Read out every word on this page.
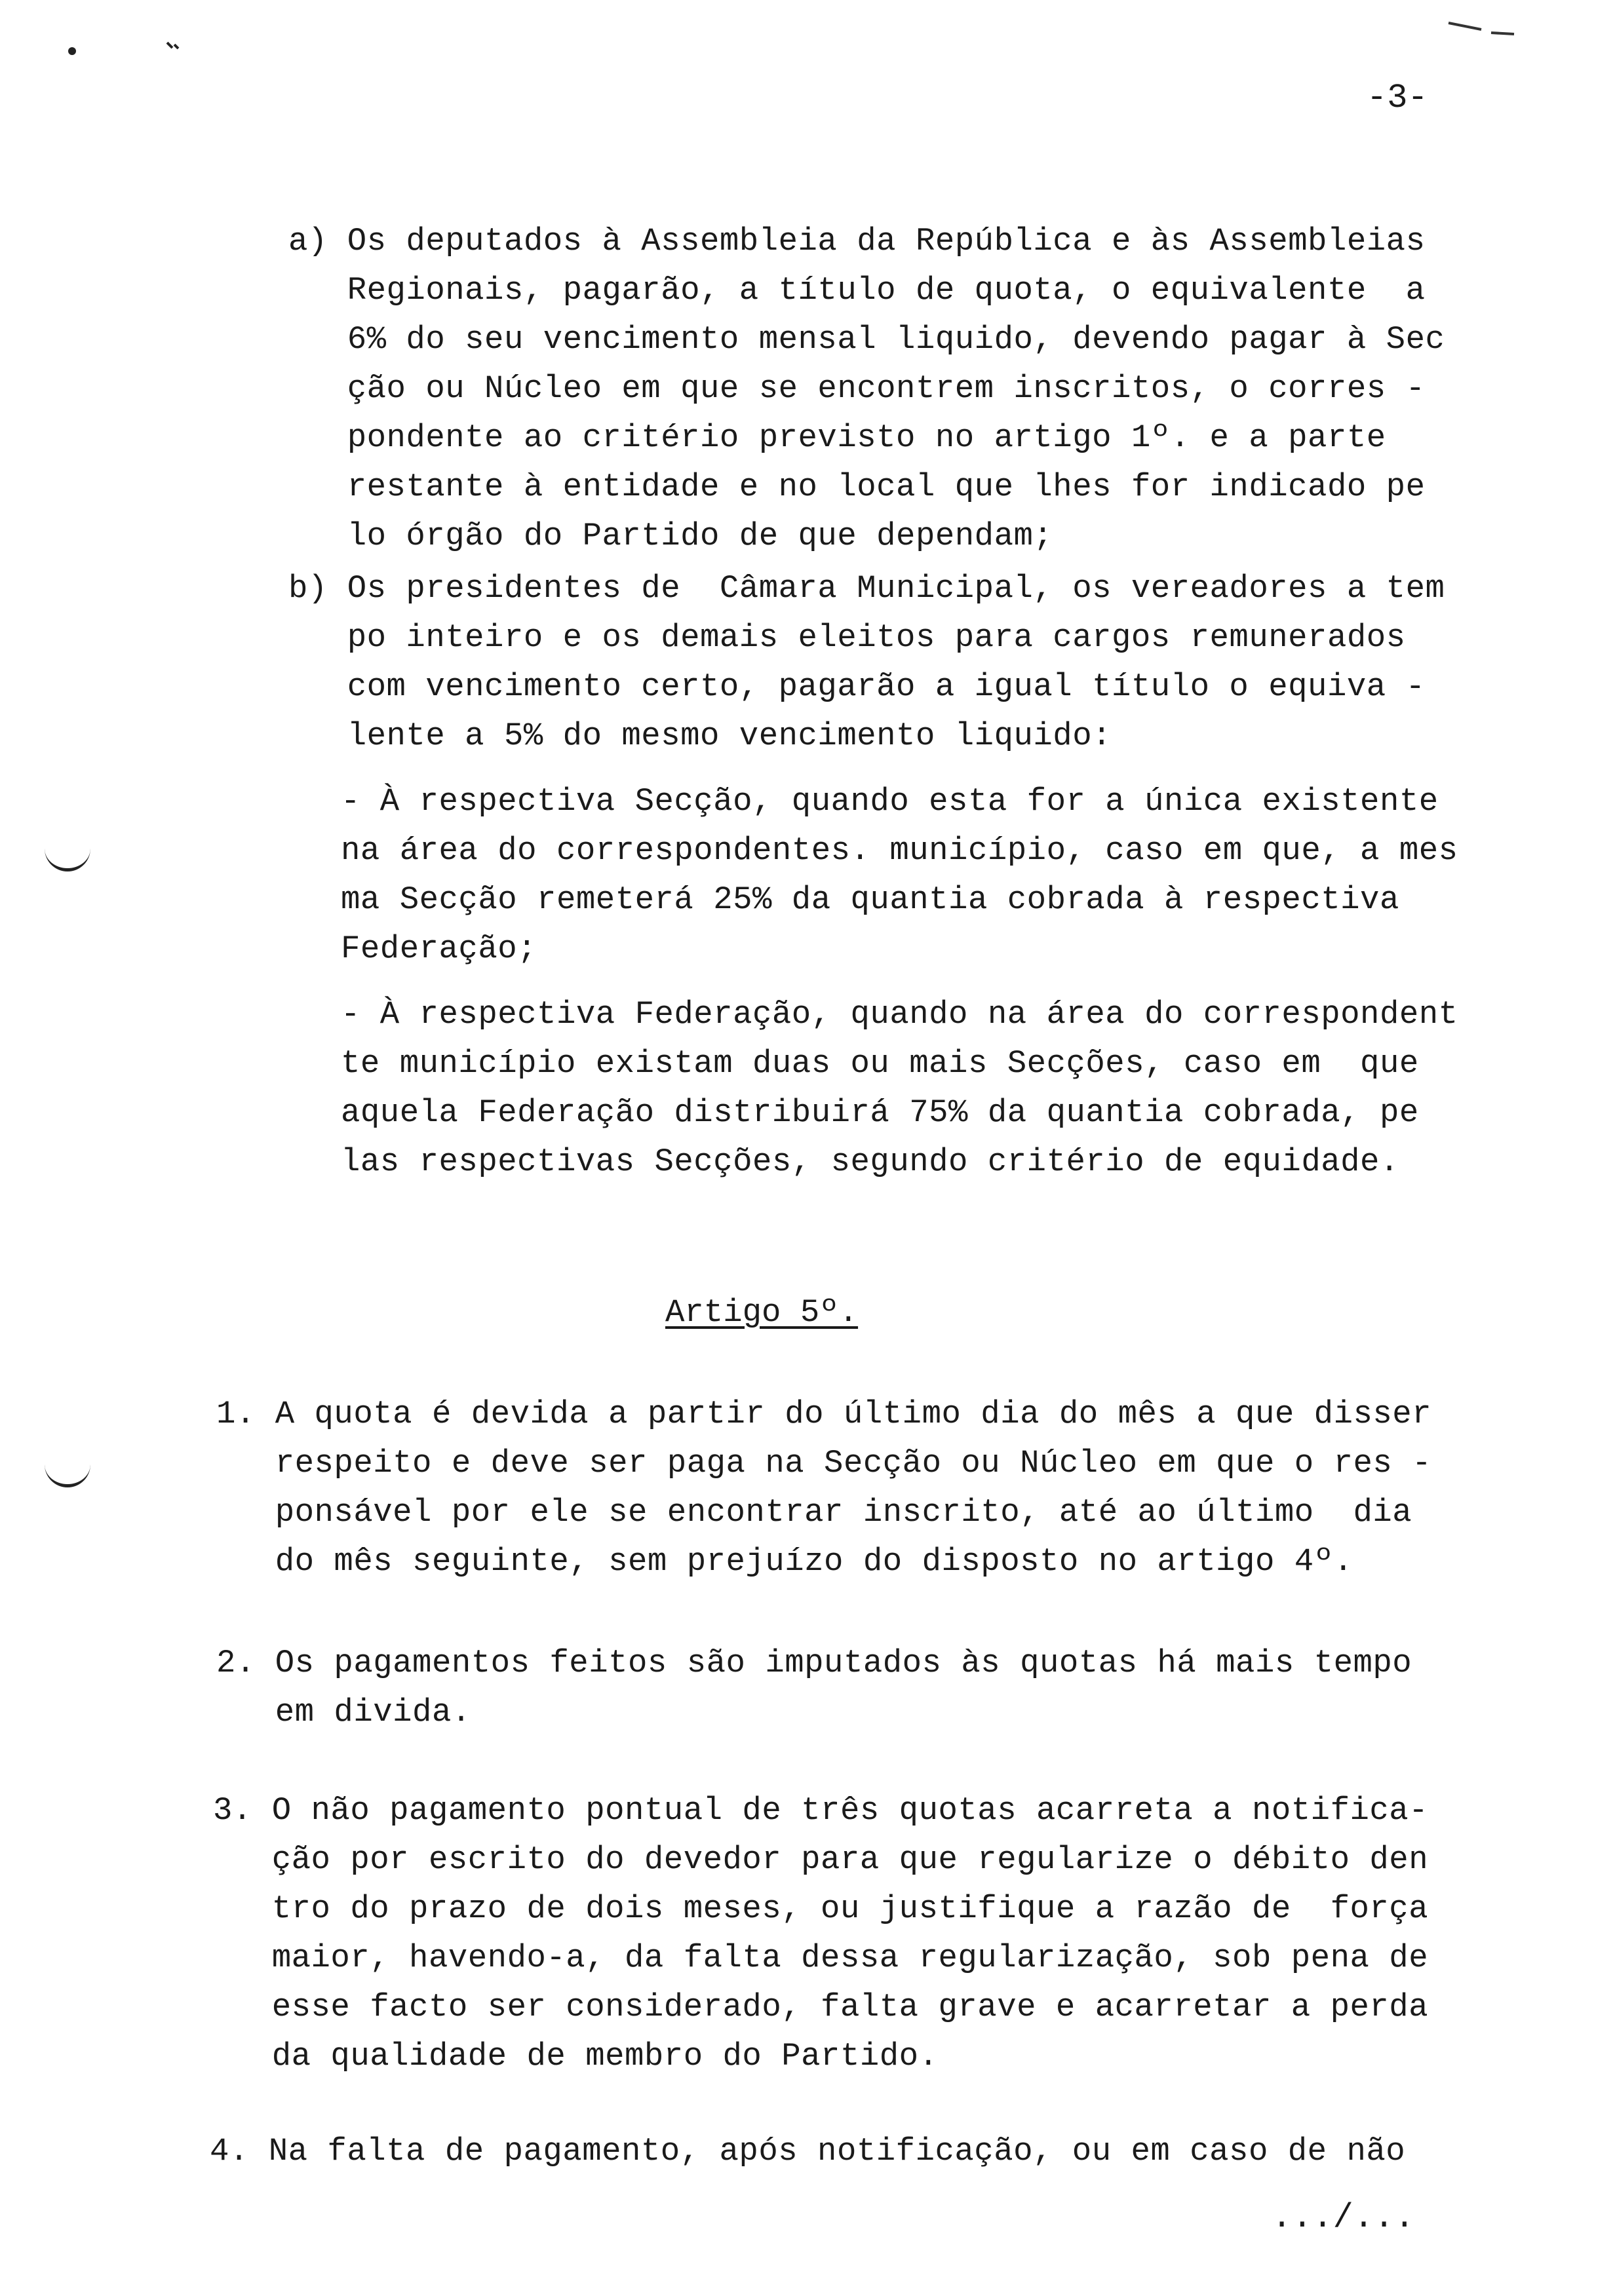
-3-
a) Os deputados à Assembleia da República e às Assembleias
Regionais, pagarão, a título de quota, o equivalente  a
6% do seu vencimento mensal liquido, devendo pagar à Sec
ção ou Núcleo em que se encontrem inscritos, o corres -
pondente ao critério previsto no artigo 1º. e a parte
restante à entidade e no local que lhes for indicado pe
lo órgão do Partido de que dependam;
b) Os presidentes de  Câmara Municipal, os vereadores a tem
po inteiro e os demais eleitos para cargos remunerados
com vencimento certo, pagarão a igual título o equiva -
lente a 5% do mesmo vencimento liquido:
- À respectiva Secção, quando esta for a única existente
na área do correspondentes. município, caso em que, a mes
ma Secção remeterá 25% da quantia cobrada à respectiva
Federação;
- À respectiva Federação, quando na área do correspondent
te município existam duas ou mais Secções, caso em  que
aquela Federação distribuirá 75% da quantia cobrada, pe
las respectivas Secções, segundo critério de equidade.
Artigo 5º.
1. A quota é devida a partir do último dia do mês a que disser
respeito e deve ser paga na Secção ou Núcleo em que o res -
ponsável por ele se encontrar inscrito, até ao último  dia
do mês seguinte, sem prejuízo do disposto no artigo 4º.
2. Os pagamentos feitos são imputados às quotas há mais tempo
em divida.
3. O não pagamento pontual de três quotas acarreta a notifica-
ção por escrito do devedor para que regularize o débito den
tro do prazo de dois meses, ou justifique a razão de  força
maior, havendo-a, da falta dessa regularização, sob pena de
esse facto ser considerado, falta grave e acarretar a perda
da qualidade de membro do Partido.
4. Na falta de pagamento, após notificação, ou em caso de não
.../...
